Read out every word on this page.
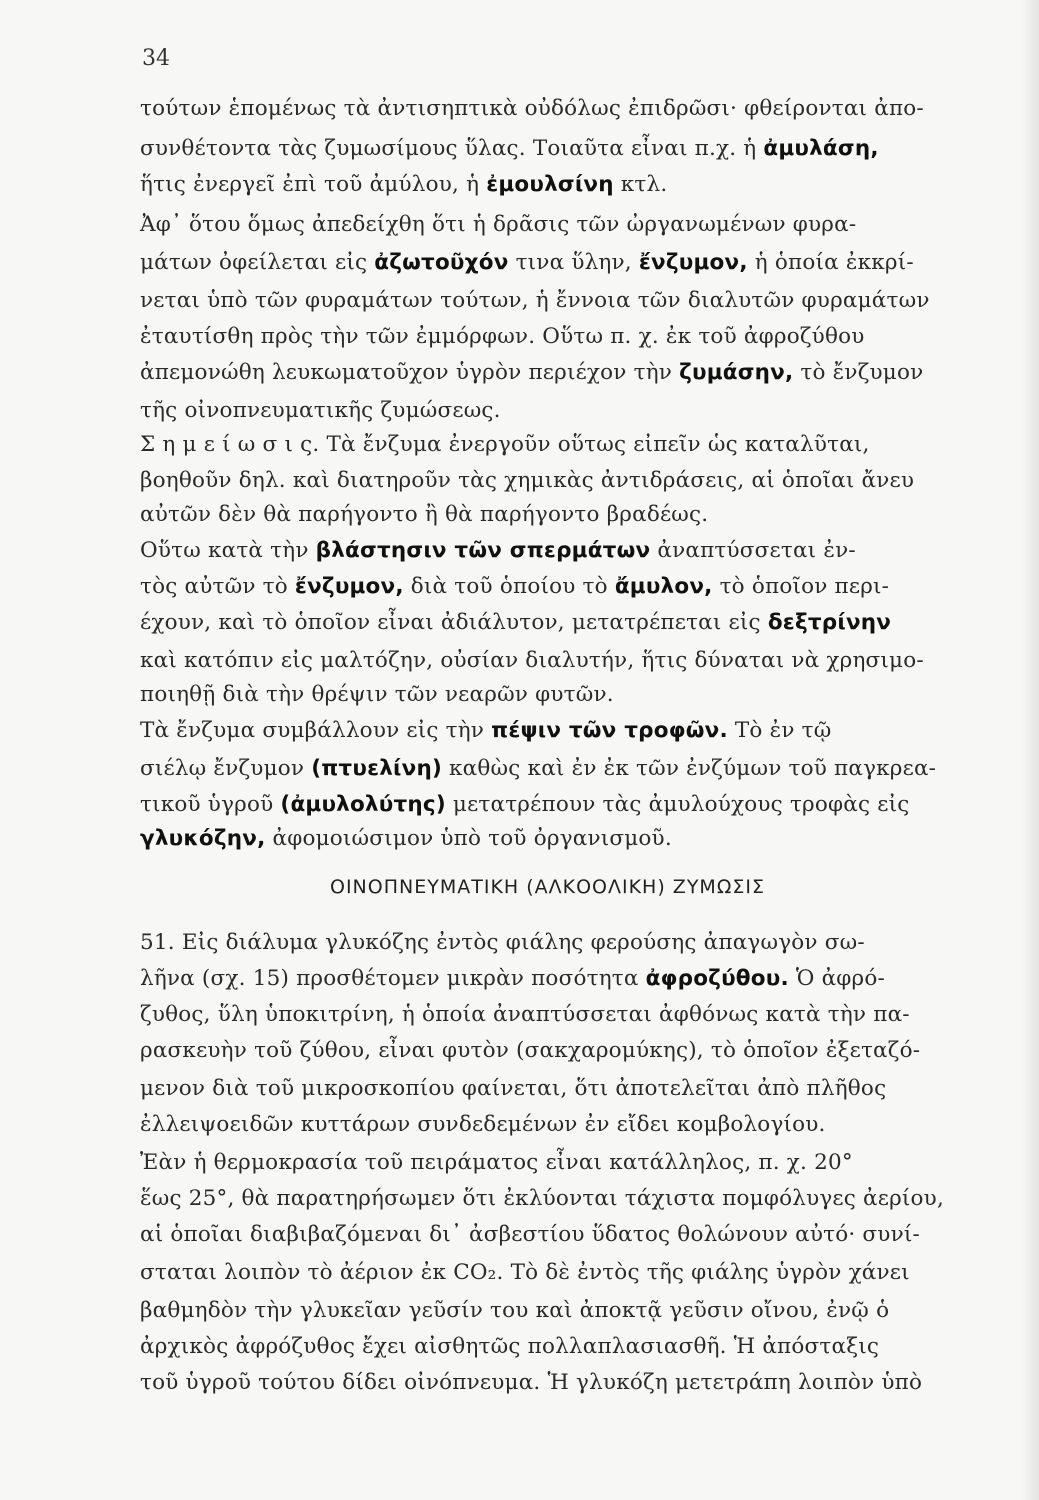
34
τούτων ἑπομένως τὰ ἀντισηπτικὰ οὐδόλως ἐπιδρῶσι· φθείρονται ἀπο-
συνθέτοντα τὰς ζυμωσίμους ὕλας. Τοιαῦτα εἶναι π.χ. ἡ ἀμυλάση,
ἥτις ἐνεργεῖ ἐπὶ τοῦ ἀμύλου, ἡ ἐμουλσίνη κτλ.
Ἀφ᾽ ὅτου ὅμως ἀπεδείχθη ὅτι ἡ δρᾶσις τῶν ὠργανωμένων φυρα-
μάτων ὀφείλεται εἰς ἀζωτοῦχόν τινα ὕλην, ἔνζυμον, ἡ ὁποία ἐκκρί-
νεται ὑπὸ τῶν φυραμάτων τούτων, ἡ ἔννοια τῶν διαλυτῶν φυραμάτων
ἐταυτίσθη πρὸς τὴν τῶν ἐμμόρφων. Οὕτω π. χ. ἐκ τοῦ ἀφροζύθου
ἀπεμονώθη λευκωματοῦχον ὑγρὸν περιέχον τὴν ζυμάσην, τὸ ἔνζυμον
τῆς οἰνοπνευματικῆς ζυμώσεως.
Σ η μ ε ί ω σ ι ς. Τὰ ἔνζυμα ἐνεργοῦν οὕτως εἰπεῖν ὡς καταλῦται,
βοηθοῦν δηλ. καὶ διατηροῦν τὰς χημικὰς ἀντιδράσεις, αἱ ὁποῖαι ἄνευ
αὐτῶν δὲν θὰ παρήγοντο ἢ θὰ παρήγοντο βραδέως.
Οὕτω κατὰ τὴν βλάστησιν τῶν σπερμάτων ἀναπτύσσεται ἐν-
τὸς αὐτῶν τὸ ἔνζυμον, διὰ τοῦ ὁποίου τὸ ἄμυλον, τὸ ὁποῖον περι-
έχουν, καὶ τὸ ὁποῖον εἶναι ἀδιάλυτον, μετατρέπεται εἰς δεξτρίνην
καὶ κατόπιν εἰς μαλτόζην, οὐσίαν διαλυτήν, ἥτις δύναται νὰ χρησιμο-
ποιηθῇ διὰ τὴν θρέψιν τῶν νεαρῶν φυτῶν.
Τὰ ἔνζυμα συμβάλλουν εἰς τὴν πέψιν τῶν τροφῶν. Τὸ ἐν τῷ
σιέλῳ ἔνζυμον (πτυελίνη) καθὼς καὶ ἐν ἐκ τῶν ἐνζύμων τοῦ παγκρεα-
τικοῦ ὑγροῦ (ἀμυλολύτης) μετατρέπουν τὰς ἀμυλούχους τροφὰς εἰς
γλυκόζην, ἀφομοιώσιμον ὑπὸ τοῦ ὀργανισμοῦ.
51. Εἰς διάλυμα γλυκόζης ἐντὸς φιάλης φερούσης ἀπαγωγὸν σω-
λῆνα (σχ. 15) προσθέτομεν μικρὰν ποσότητα ἀφροζύθου. Ὁ ἀφρό-
ζυθος, ὕλη ὑποκιτρίνη, ἡ ὁποία ἀναπτύσσεται ἀφθόνως κατὰ τὴν πα-
ρασκευὴν τοῦ ζύθου, εἶναι φυτὸν (σακχαρομύκης), τὸ ὁποῖον ἐξεταζό-
μενον διὰ τοῦ μικροσκοπίου φαίνεται, ὅτι ἀποτελεῖται ἀπὸ πλῆθος
ἐλλειψοειδῶν κυττάρων συνδεδεμένων ἐν εἴδει κομβολογίου.
Ἐὰν ἡ θερμοκρασία τοῦ πειράματος εἶναι κατάλληλος, π. χ. 20°
ἕως 25°, θὰ παρατηρήσωμεν ὅτι ἐκλύονται τάχιστα πομφόλυγες ἀερίου,
αἱ ὁποῖαι διαβιβαζόμεναι δι᾽ ἀσβεστίου ὕδατος θολώνουν αὐτό· συνί-
σταται λοιπὸν τὸ ἀέριον ἐκ CO₂. Τὸ δὲ ἐντὸς τῆς φιάλης ὑγρὸν χάνει
βαθμηδὸν τὴν γλυκεῖαν γεῦσίν του καὶ ἀποκτᾷ γεῦσιν οἴνου, ἐνῷ ὁ
ἀρχικὸς ἀφρόζυθος ἔχει αἰσθητῶς πολλαπλασιασθῆ. Ἡ ἀπόσταξις
τοῦ ὑγροῦ τούτου δίδει οἰνόπνευμα. Ἡ γλυκόζη μετετράπη λοιπὸν ὑπὸ
ΟΙΝΟΠΝΕΥΜΑΤΙΚΗ (ΑΛΚΟΟΛΙΚΗ) ΖΥΜΩΣΙΣ
